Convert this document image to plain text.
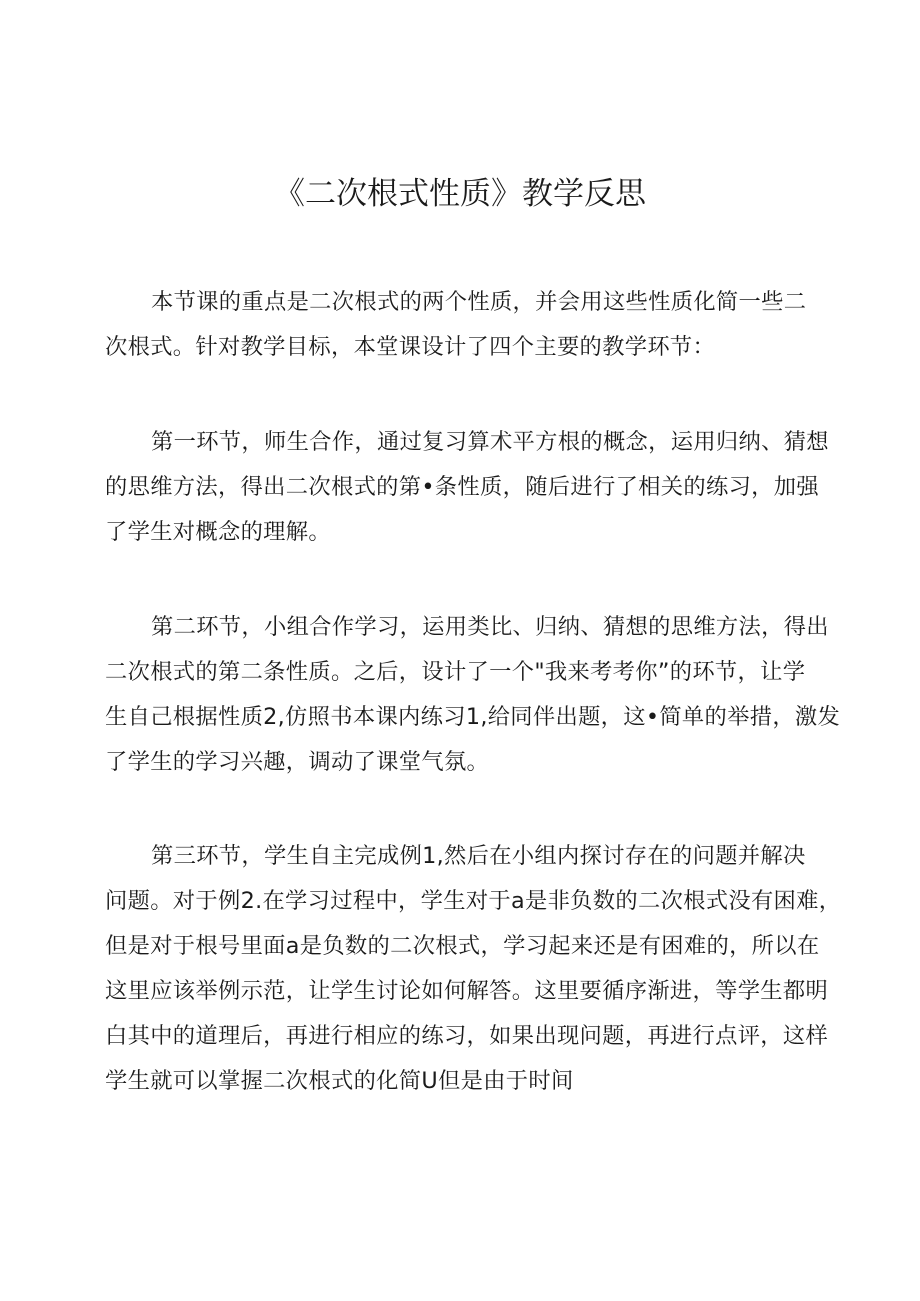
《二次根式性质》教学反思
本节课的重点是二次根式的两个性质，并会用这些性质化简一些二
次根式。针对教学目标，本堂课设计了四个主要的教学环节：
第一环节，师生合作，通过复习算术平方根的概念，运用归纳、猜想
的思维方法，得出二次根式的第•条性质，随后进行了相关的练习，加强
了学生对概念的理解。
第二环节，小组合作学习，运用类比、归纳、猜想的思维方法，得出
二次根式的第二条性质。之后，设计了一个"我来考考你”的环节，让学
生自己根据性质2,仿照书本课内练习1,给同伴出题，这•简单的举措，激发
了学生的学习兴趣，调动了课堂气氛。
第三环节，学生自主完成例1,然后在小组内探讨存在的问题并解决
问题。对于例2.在学习过程中，学生对于a是非负数的二次根式没有困难，
但是对于根号里面a是负数的二次根式，学习起来还是有困难的，所以在
这里应该举例示范，让学生讨论如何解答。这里要循序渐进，等学生都明
白其中的道理后，再进行相应的练习，如果出现问题，再进行点评，这样
学生就可以掌握二次根式的化简U但是由于时间
